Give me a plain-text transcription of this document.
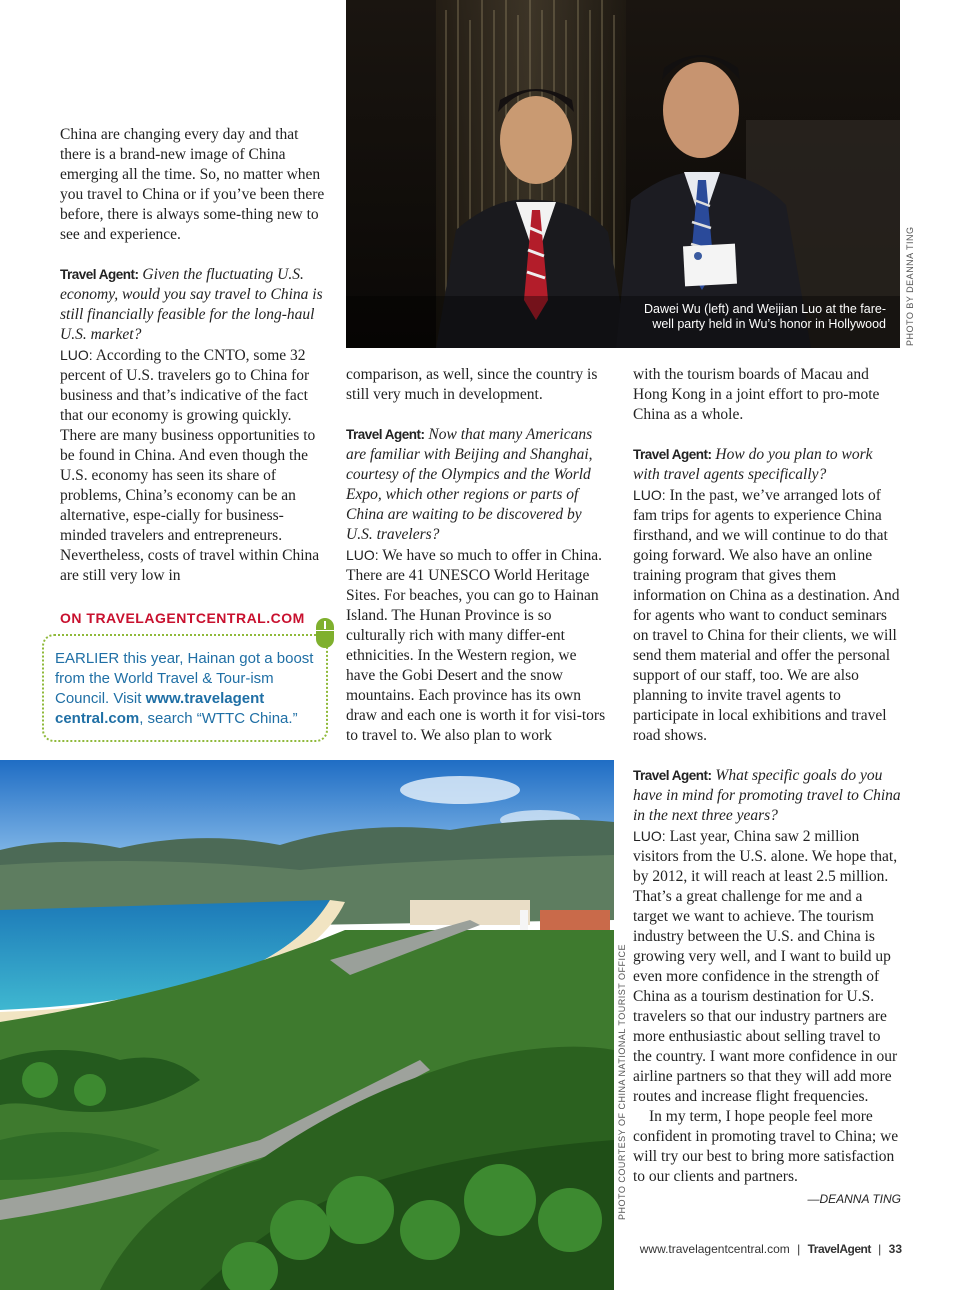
Dawei Wu (left) and Weijian Luo at the fare-well party held in Wu’s honor in Hollywood PHOTO BY DEANNA TING

China are changing every day and that there is a brand-new image of China emerging all the time. So, no matter when you travel to China or if you’ve been there before, there is always some-thing new to see and experience.

Travel Agent: Given the fluctuating U.S. economy, would you say travel to China is still financially feasible for the long-haul U.S. market?
LUO: According to the CNTO, some 32 percent of U.S. travelers go to China for business and that’s indicative of the fact that our economy is growing quickly. There are many business opportunities to be found in China. And even though the U.S. economy has seen its share of problems, China’s economy can be an alternative, espe-cially for business-minded travelers and entrepreneurs. Nevertheless, costs of travel within China are still very low in

ON TRAVELAGENTCENTRAL.COM
EARLIER this year, Hainan got a boost from the World Travel & Tour-ism Council. Visit www.travelagent central.com, search “WTTC China.”

comparison, as well, since the country is still very much in development.

Travel Agent: Now that many Americans are familiar with Beijing and Shanghai, courtesy of the Olympics and the World Expo, which other regions or parts of China are waiting to be discovered by U.S. travelers?
LUO: We have so much to offer in China. There are 41 UNESCO World Heritage Sites. For beaches, you can go to Hainan Island. The Hunan Province is so culturally rich with many differ-ent ethnicities. In the Western region, we have the Gobi Desert and the snow mountains. Each province has its own draw and each one is worth it for visi-tors to travel to. We also plan to work

with the tourism boards of Macau and Hong Kong in a joint effort to pro-mote China as a whole.

Travel Agent: How do you plan to work with travel agents specifically?
LUO: In the past, we’ve arranged lots of fam trips for agents to experience China firsthand, and we will continue to do that going forward. We also have an online training program that gives them information on China as a destination. And for agents who want to conduct seminars on travel to China for their clients, we will send them material and offer the personal support of our staff, too. We are also planning to invite travel agents to participate in local exhibitions and travel road shows.

Travel Agent: What specific goals do you have in mind for promoting travel to China in the next three years?
LUO: Last year, China saw 2 million visitors from the U.S. alone. We hope that, by 2012, it will reach at least 2.5 million. That’s a great challenge for me and a target we want to achieve. The tourism industry between the U.S. and China is growing very well, and I want to build up even more confidence in the strength of China as a tourism destination for U.S. travelers so that our industry partners are more enthusiastic about selling travel to the country. I want more confidence in our airline partners so that they will add more routes and increase flight frequencies.

In my term, I hope people feel more confident in promoting travel to China; we will try our best to bring more satisfaction to our clients and partners.

—DEANNA TING
PHOTO COURTESY OF CHINA NATIONAL TOURIST OFFICE
www.travelagentcentral.com | TravelAgent | 33
